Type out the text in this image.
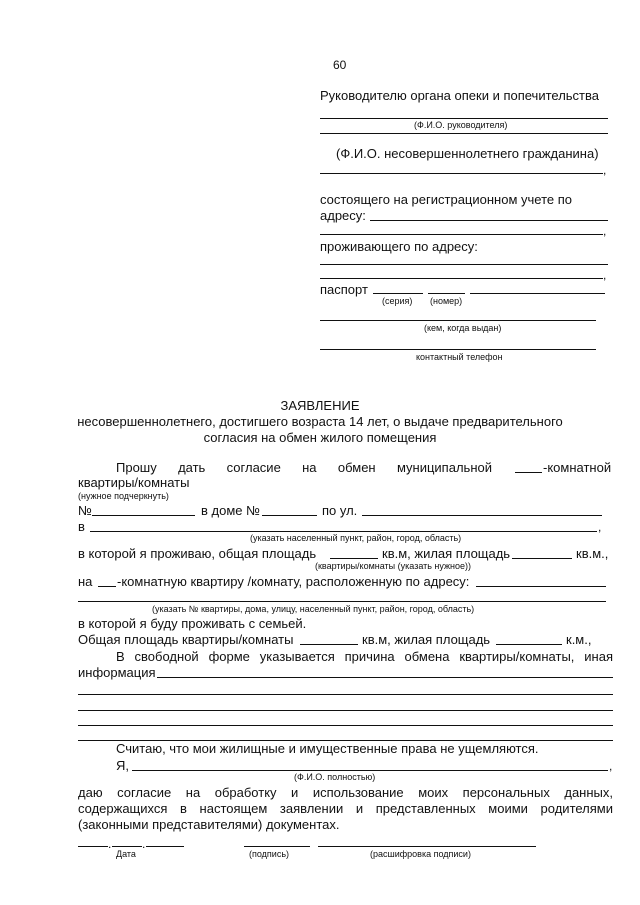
60
Руководителю органа опеки и попечительства
(Ф.И.О. руководителя)
(Ф.И.О. несовершеннолетнего гражданина)
,
состоящего на регистрационном учете по
адресу:
,
проживающего по адресу:
,
паспорт
(серия) (номер)
(кем, когда выдан)
контактный телефон
ЗАЯВЛЕНИЕ
несовершеннолетнего, достигшего возраста 14 лет, о выдаче предварительного
согласия на обмен жилого помещения
Прошу дать согласие на обмен муниципальной	-комнатной
квартиры/комнаты
(нужное подчеркнуть)
№	в доме №	по ул.
в	,
(указать населенный пункт, район, город, область)
в которой я проживаю, общая площадь	кв.м, жилая площадь	кв.м.,
(квартиры/комнаты (указать нужное))
на -комнатную квартиру /комнату, расположенную по адресу:
(указать № квартиры, дома, улицу, населенный пункт, район, город, область)
в которой я буду проживать с семьей.
Общая площадь квартиры/комнаты	кв.м, жилая площадь	к.м.,
В свободной форме указывается причина обмена квартиры/комнаты, иная
информация
Считаю, что мои жилищные и имущественные права не ущемляются.
Я,	,
(Ф.И.О. полностью)
даю согласие на обработку и использование моих персональных данных,
содержащихся в настоящем заявлении и представленных моими родителями
(законными представителями) документах.
.	.
Дата	(подпись)	(расшифровка подписи)
